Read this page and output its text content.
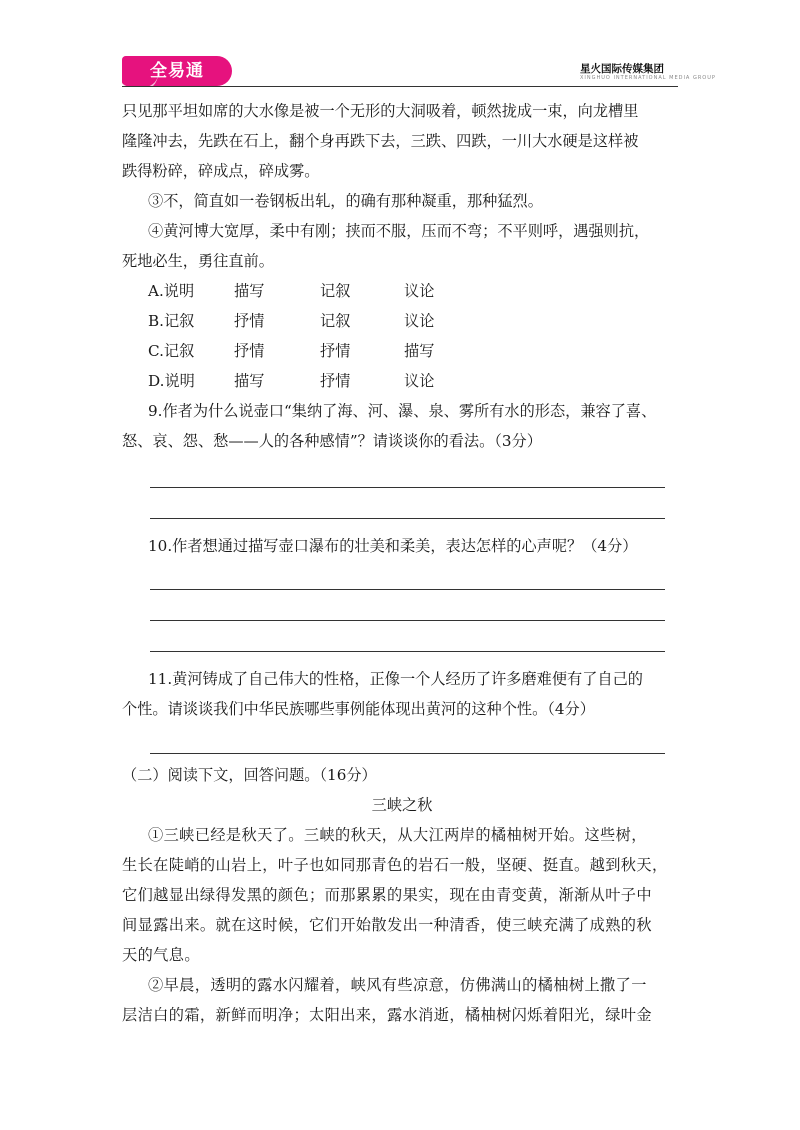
全易通	星火国际传媒集团
XINGHUO INTERNATIONAL MEDIA GROUP
只见那平坦如席的大水像是被一个无形的大洞吸着，顿然拢成一束，向龙槽里
隆隆冲去，先跌在石上，翻个身再跌下去，三跌、四跌，一川大水硬是这样被
跌得粉碎，碎成点，碎成雾。
③不，简直如一卷钢板出轧，的确有那种凝重，那种猛烈。
④黄河博大宽厚，柔中有刚；挟而不服，压而不弯；不平则呼，遇强则抗，
死地必生，勇往直前。
A.说明	描写	记叙	议论
B.记叙	抒情	记叙	议论
C.记叙	抒情	抒情	描写
D.说明	描写	抒情	议论
9.作者为什么说壶口“集纳了海、河、瀑、泉、雾所有水的形态，兼容了喜、
怒、哀、怨、愁——人的各种感情”？请谈谈你的看法。（3分）
10.作者想通过描写壶口瀑布的壮美和柔美，表达怎样的心声呢？（4分）
11.黄河铸成了自己伟大的性格，正像一个人经历了许多磨难便有了自己的
个性。请谈谈我们中华民族哪些事例能体现出黄河的这种个性。（4分）
（二）阅读下文，回答问题。（16分）
三峡之秋
①三峡已经是秋天了。三峡的秋天，从大江两岸的橘柚树开始。这些树，
生长在陡峭的山岩上，叶子也如同那青色的岩石一般，坚硬、挺直。越到秋天，
它们越显出绿得发黑的颜色；而那累累的果实，现在由青变黄，渐渐从叶子中
间显露出来。就在这时候，它们开始散发出一种清香，使三峡充满了成熟的秋
天的气息。
②早晨，透明的露水闪耀着，峡风有些凉意，仿佛满山的橘柚树上撒了一
层洁白的霜，新鲜而明净；太阳出来，露水消逝，橘柚树闪烁着阳光，绿叶金
